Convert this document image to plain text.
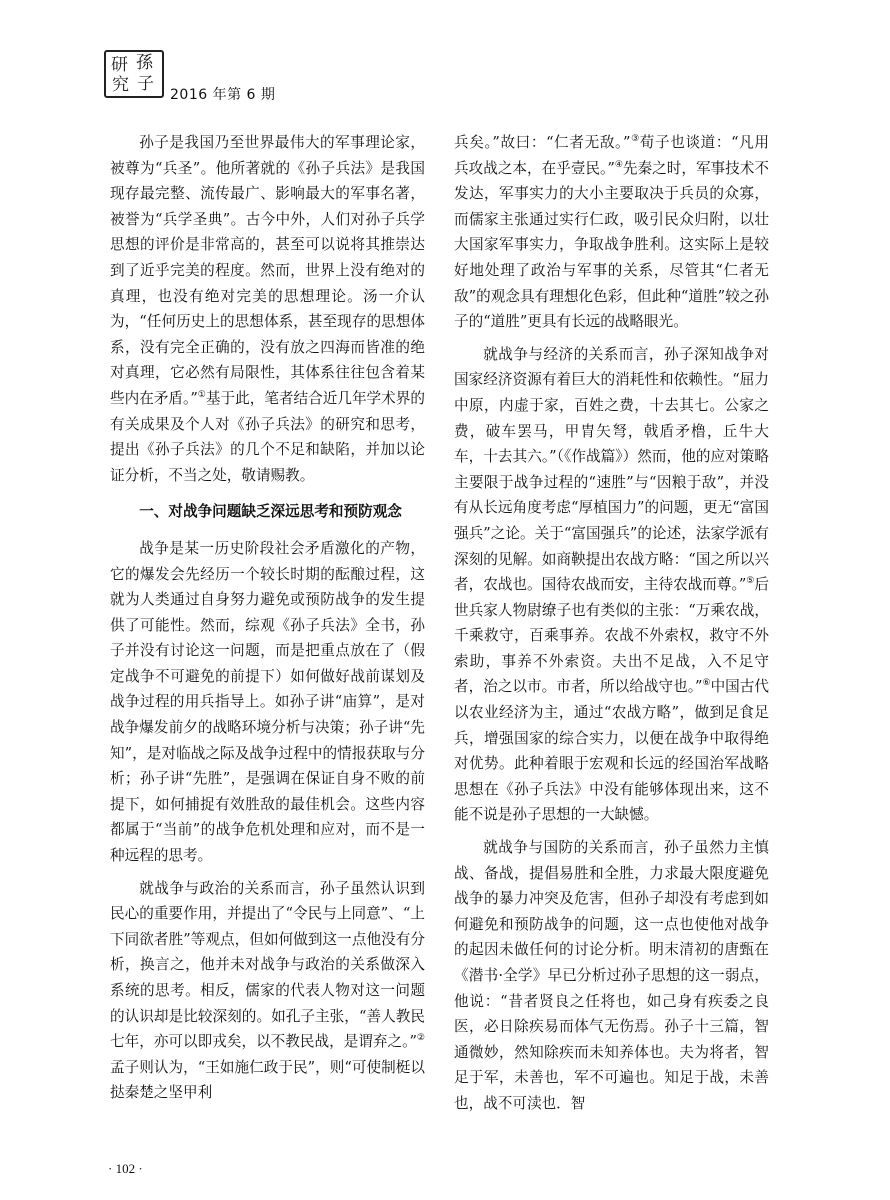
研 孫
究 子
2016 年第 6 期

孙子是我国乃至世界最伟大的军事理论家，被尊为“兵圣”。他所著就的《孙子兵法》是我国现存最完整、流传最广、影响最大的军事名著，被誉为“兵学圣典”。古今中外，人们对孙子兵学思想的评价是非常高的，甚至可以说将其推崇达到了近乎完美的程度。然而，世界上没有绝对的真理，也没有绝对完美的思想理论。汤一介认为，“任何历史上的思想体系，甚至现存的思想体系，没有完全正确的，没有放之四海而皆准的绝对真理，它必然有局限性，其体系往往包含着某些内在矛盾。”①基于此，笔者结合近几年学术界的有关成果及个人对《孙子兵法》的研究和思考，提出《孙子兵法》的几个不足和缺陷，并加以论证分析，不当之处，敬请赐教。

一、对战争问题缺乏深远思考和预防观念

战争是某一历史阶段社会矛盾激化的产物，它的爆发会先经历一个较长时期的酝酿过程，这就为人类通过自身努力避免或预防战争的发生提供了可能性。然而，综观《孙子兵法》全书，孙子并没有讨论这一问题，而是把重点放在了（假定战争不可避免的前提下）如何做好战前谋划及战争过程的用兵指导上。如孙子讲“庙算”，是对战争爆发前夕的战略环境分析与决策；孙子讲“先知”，是对临战之际及战争过程中的情报获取与分析；孙子讲“先胜”，是强调在保证自身不败的前提下，如何捕捉有效胜敌的最佳机会。这些内容都属于“当前”的战争危机处理和应对，而不是一种远程的思考。

就战争与政治的关系而言，孙子虽然认识到民心的重要作用，并提出了“令民与上同意”、“上下同欲者胜”等观点，但如何做到这一点他没有分析，换言之，他并未对战争与政治的关系做深入系统的思考。相反，儒家的代表人物对这一问题的认识却是比较深刻的。如孔子主张，“善人教民七年，亦可以即戎矣，以不教民战，是谓弃之。”②孟子则认为，“王如施仁政于民”，则“可使制梃以挞秦楚之坚甲利

兵矣。”故曰：“仁者无敌。”③荀子也谈道：“凡用兵攻战之本，在乎壹民。”④先秦之时，军事技术不发达，军事实力的大小主要取决于兵员的众寡，而儒家主张通过实行仁政，吸引民众归附，以壮大国家军事实力，争取战争胜利。这实际上是较好地处理了政治与军事的关系，尽管其“仁者无敌”的观念具有理想化色彩，但此种“道胜”较之孙子的“道胜”更具有长远的战略眼光。

就战争与经济的关系而言，孙子深知战争对国家经济资源有着巨大的消耗性和依赖性。“屈力中原，内虚于家，百姓之费，十去其七。公家之费，破车罢马，甲胄矢弩，戟盾矛橹，丘牛大车，十去其六。”（《作战篇》）然而，他的应对策略主要限于战争过程的“速胜”与“因粮于敌”，并没有从长远角度考虑“厚植国力”的问题，更无“富国强兵”之论。关于“富国强兵”的论述，法家学派有深刻的见解。如商鞅提出农战方略：“国之所以兴者，农战也。国待农战而安，主待农战而尊。”⑤后世兵家人物尉缭子也有类似的主张：“万乘农战，千乘救守，百乘事养。农战不外索权，救守不外索助，事养不外索资。夫出不足战，入不足守者，治之以市。市者，所以给战守也。”⑥中国古代以农业经济为主，通过“农战方略”，做到足食足兵，增强国家的综合实力，以便在战争中取得绝对优势。此种着眼于宏观和长远的经国治军战略思想在《孙子兵法》中没有能够体现出来，这不能不说是孙子思想的一大缺憾。

就战争与国防的关系而言，孙子虽然力主慎战、备战，提倡易胜和全胜，力求最大限度避免战争的暴力冲突及危害，但孙子却没有考虑到如何避免和预防战争的问题，这一点也使他对战争的起因未做任何的讨论分析。明末清初的唐甄在《潜书·全学》早已分析过孙子思想的这一弱点，他说：“昔者贤良之任将也，如己身有疾委之良医，必日除疾易而体气无伤焉。孙子十三篇，智通微妙，然知除疾而未知养体也。夫为将者，智足于军，未善也，军不可遍也。知足于战，未善也，战不可渎也．智

· 102 ·
